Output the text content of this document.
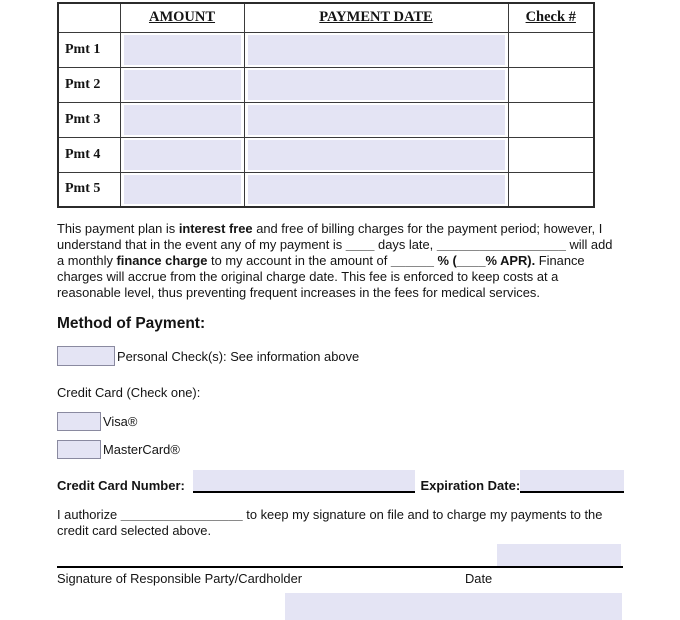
	AMOUNT	PAYMENT DATE	Check #
Pmt 1	

Pmt 2	

Pmt 3	

Pmt 4	

Pmt 5	

This payment plan is interest free and free of billing charges for the payment period; however, I understand that in the event any of my payment is ____ days late, __________________ will add a monthly finance charge to my account in the amount of ______ % (____% APR). Finance charges will accrue from the original charge date. This fee is enforced to keep costs at a reasonable level, thus preventing frequent increases in the fees for medical services.

Method of Payment:
Personal Check(s): See information above
Credit Card (Check one):
Visa®
MasterCard®
Credit Card Number:	Expiration Date:

I authorize _________________ to keep my signature on file and to charge my payments to the credit card selected above.

Signature of Responsible Party/Cardholder	Date
